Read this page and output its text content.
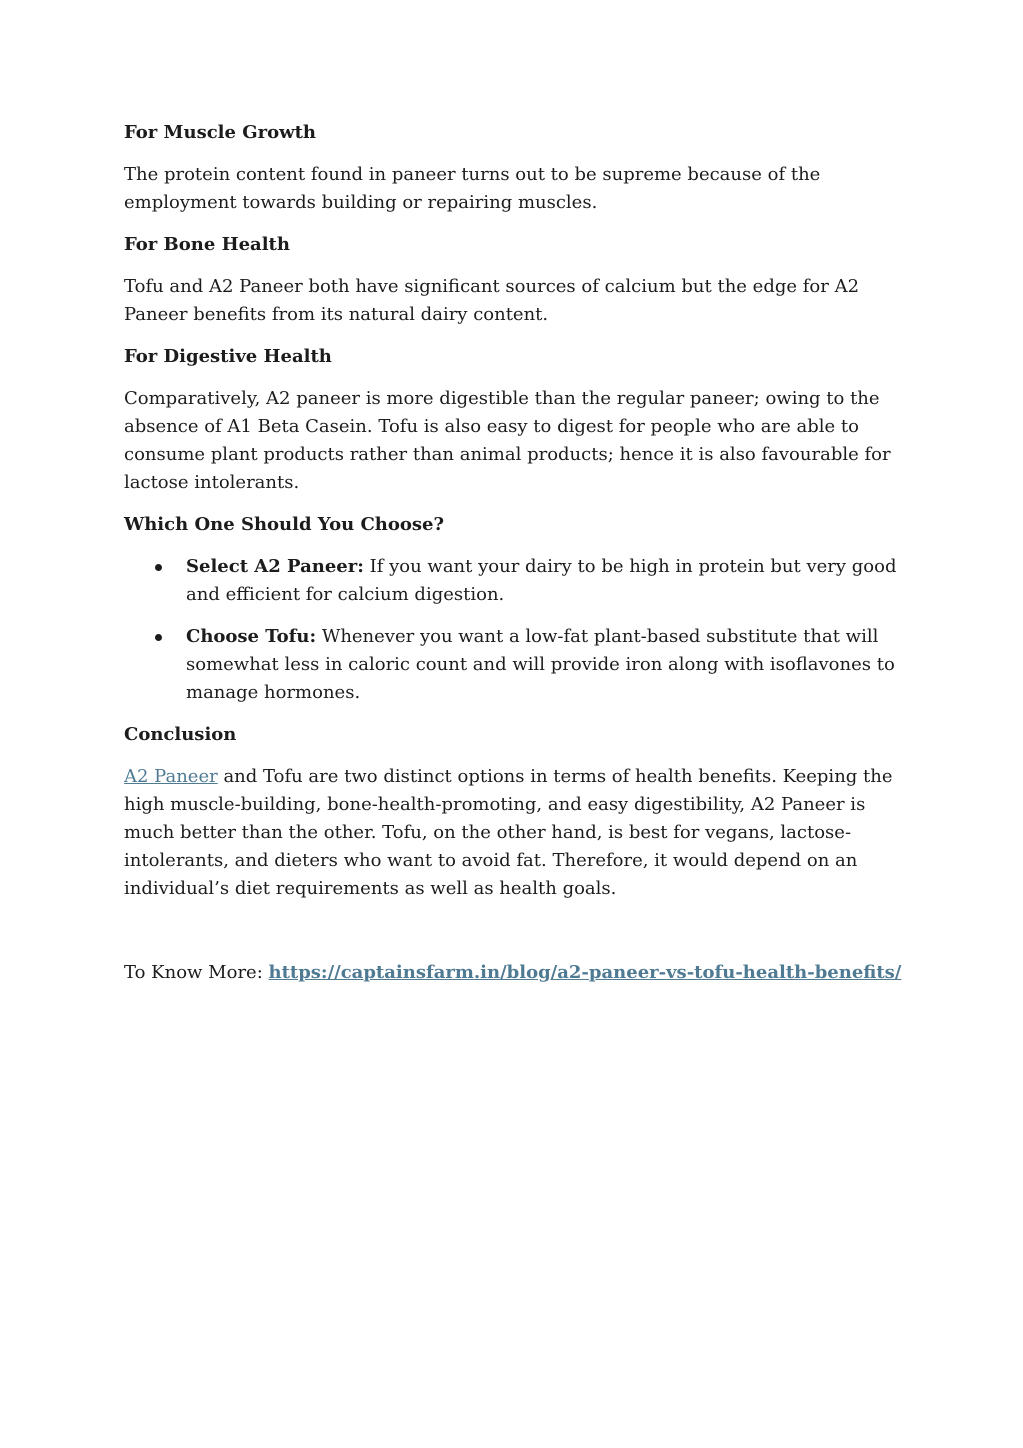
For Muscle Growth
The protein content found in paneer turns out to be supreme because of the employment towards building or repairing muscles.
For Bone Health
Tofu and A2 Paneer both have significant sources of calcium but the edge for A2 Paneer benefits from its natural dairy content.
For Digestive Health
Comparatively, A2 paneer is more digestible than the regular paneer; owing to the absence of A1 Beta Casein. Tofu is also easy to digest for people who are able to consume plant products rather than animal products; hence it is also favourable for lactose intolerants.
Which One Should You Choose?
Select A2 Paneer: If you want your dairy to be high in protein but very good and efficient for calcium digestion.
Choose Tofu: Whenever you want a low-fat plant-based substitute that will somewhat less in caloric count and will provide iron along with isoflavones to manage hormones.
Conclusion
A2 Paneer and Tofu are two distinct options in terms of health benefits. Keeping the high muscle-building, bone-health-promoting, and easy digestibility, A2 Paneer is much better than the other. Tofu, on the other hand, is best for vegans, lactose-intolerants, and dieters who want to avoid fat. Therefore, it would depend on an individual’s diet requirements as well as health goals.
To Know More: https://captainsfarm.in/blog/a2-paneer-vs-tofu-health-benefits/
